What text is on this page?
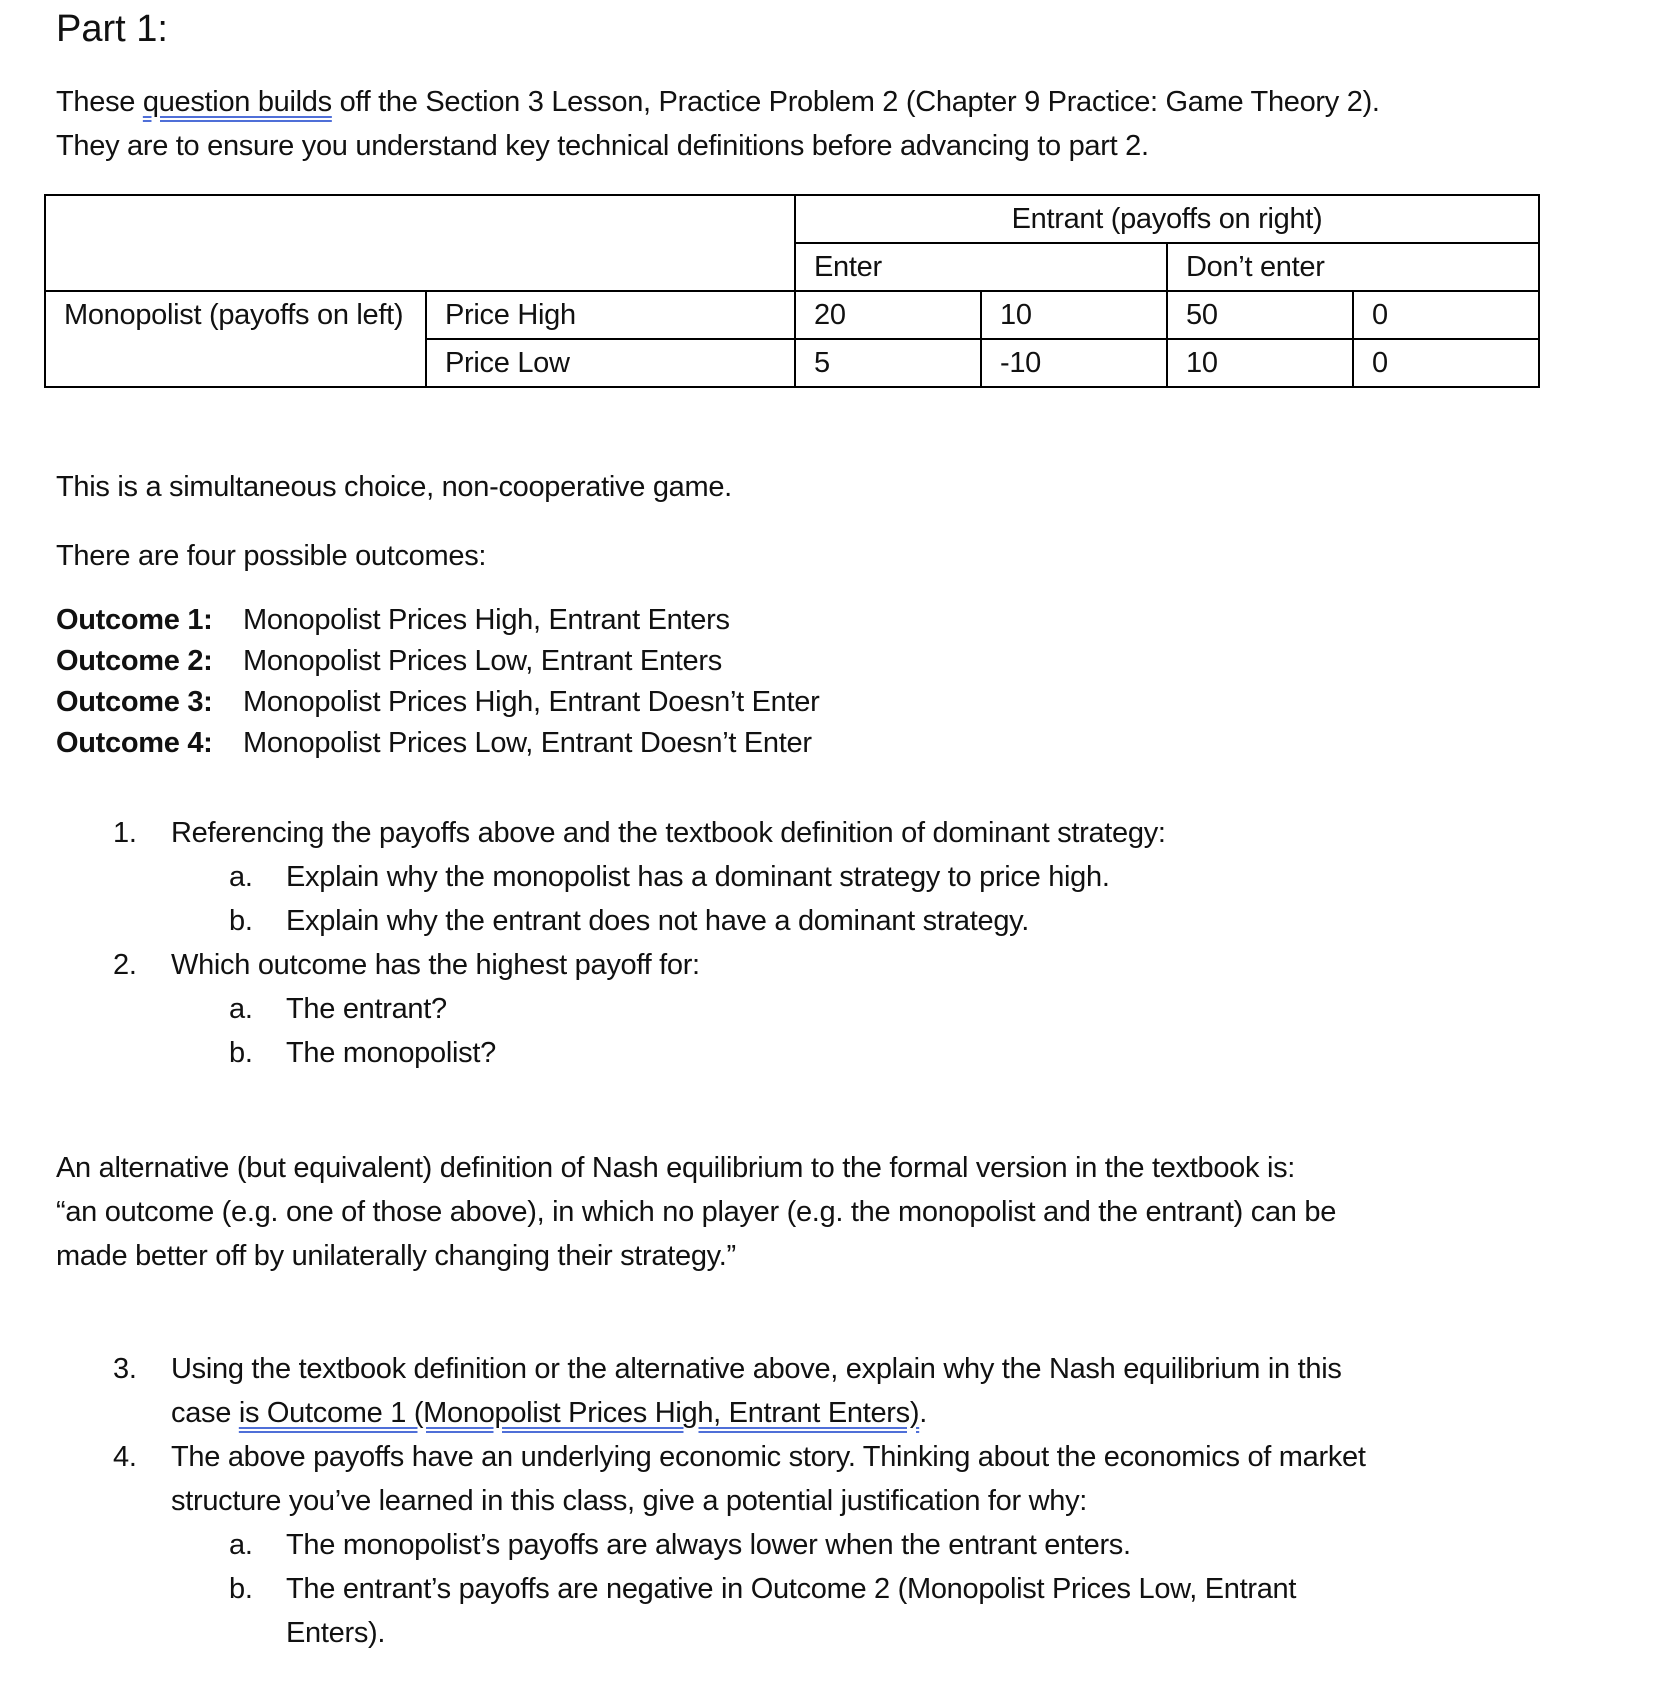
Part 1:

These question builds off the Section 3 Lesson, Practice Problem 2 (Chapter 9 Practice: Game Theory 2).

They are to ensure you understand key technical definitions before advancing to part 2.

		Entrant (payoffs on right)			
		Enter		Don’t enter	
Monopolist (payoffs on left)	Price High	20	10	50	0
	Price Low	5	-10	10	0

This is a simultaneous choice, non-cooperative game.

There are four possible outcomes:

Outcome 1:	Monopolist Prices High, Entrant Enters
Outcome 2:	Monopolist Prices Low, Entrant Enters
Outcome 3:	Monopolist Prices High, Entrant Doesn’t Enter
Outcome 4:	Monopolist Prices Low, Entrant Doesn’t Enter
1.	Referencing the payoffs above and the textbook definition of dominant strategy:
a.	Explain why the monopolist has a dominant strategy to price high.
b.	Explain why the entrant does not have a dominant strategy.
2.	Which outcome has the highest payoff for:
a.	The entrant?
b.	The monopolist?

An alternative (but equivalent) definition of Nash equilibrium to the formal version in the textbook is:

“an outcome (e.g. one of those above), in which no player (e.g. the monopolist and the entrant) can be

made better off by unilaterally changing their strategy.”

3.	Using the textbook definition or the alternative above, explain why the Nash equilibrium in this
case is Outcome 1 (Monopolist Prices High, Entrant Enters).
4.	The above payoffs have an underlying economic story. Thinking about the economics of market
structure you’ve learned in this class, give a potential justification for why:
a.	The monopolist’s payoffs are always lower when the entrant enters.
b.	The entrant’s payoffs are negative in Outcome 2 (Monopolist Prices Low, Entrant
Enters).
